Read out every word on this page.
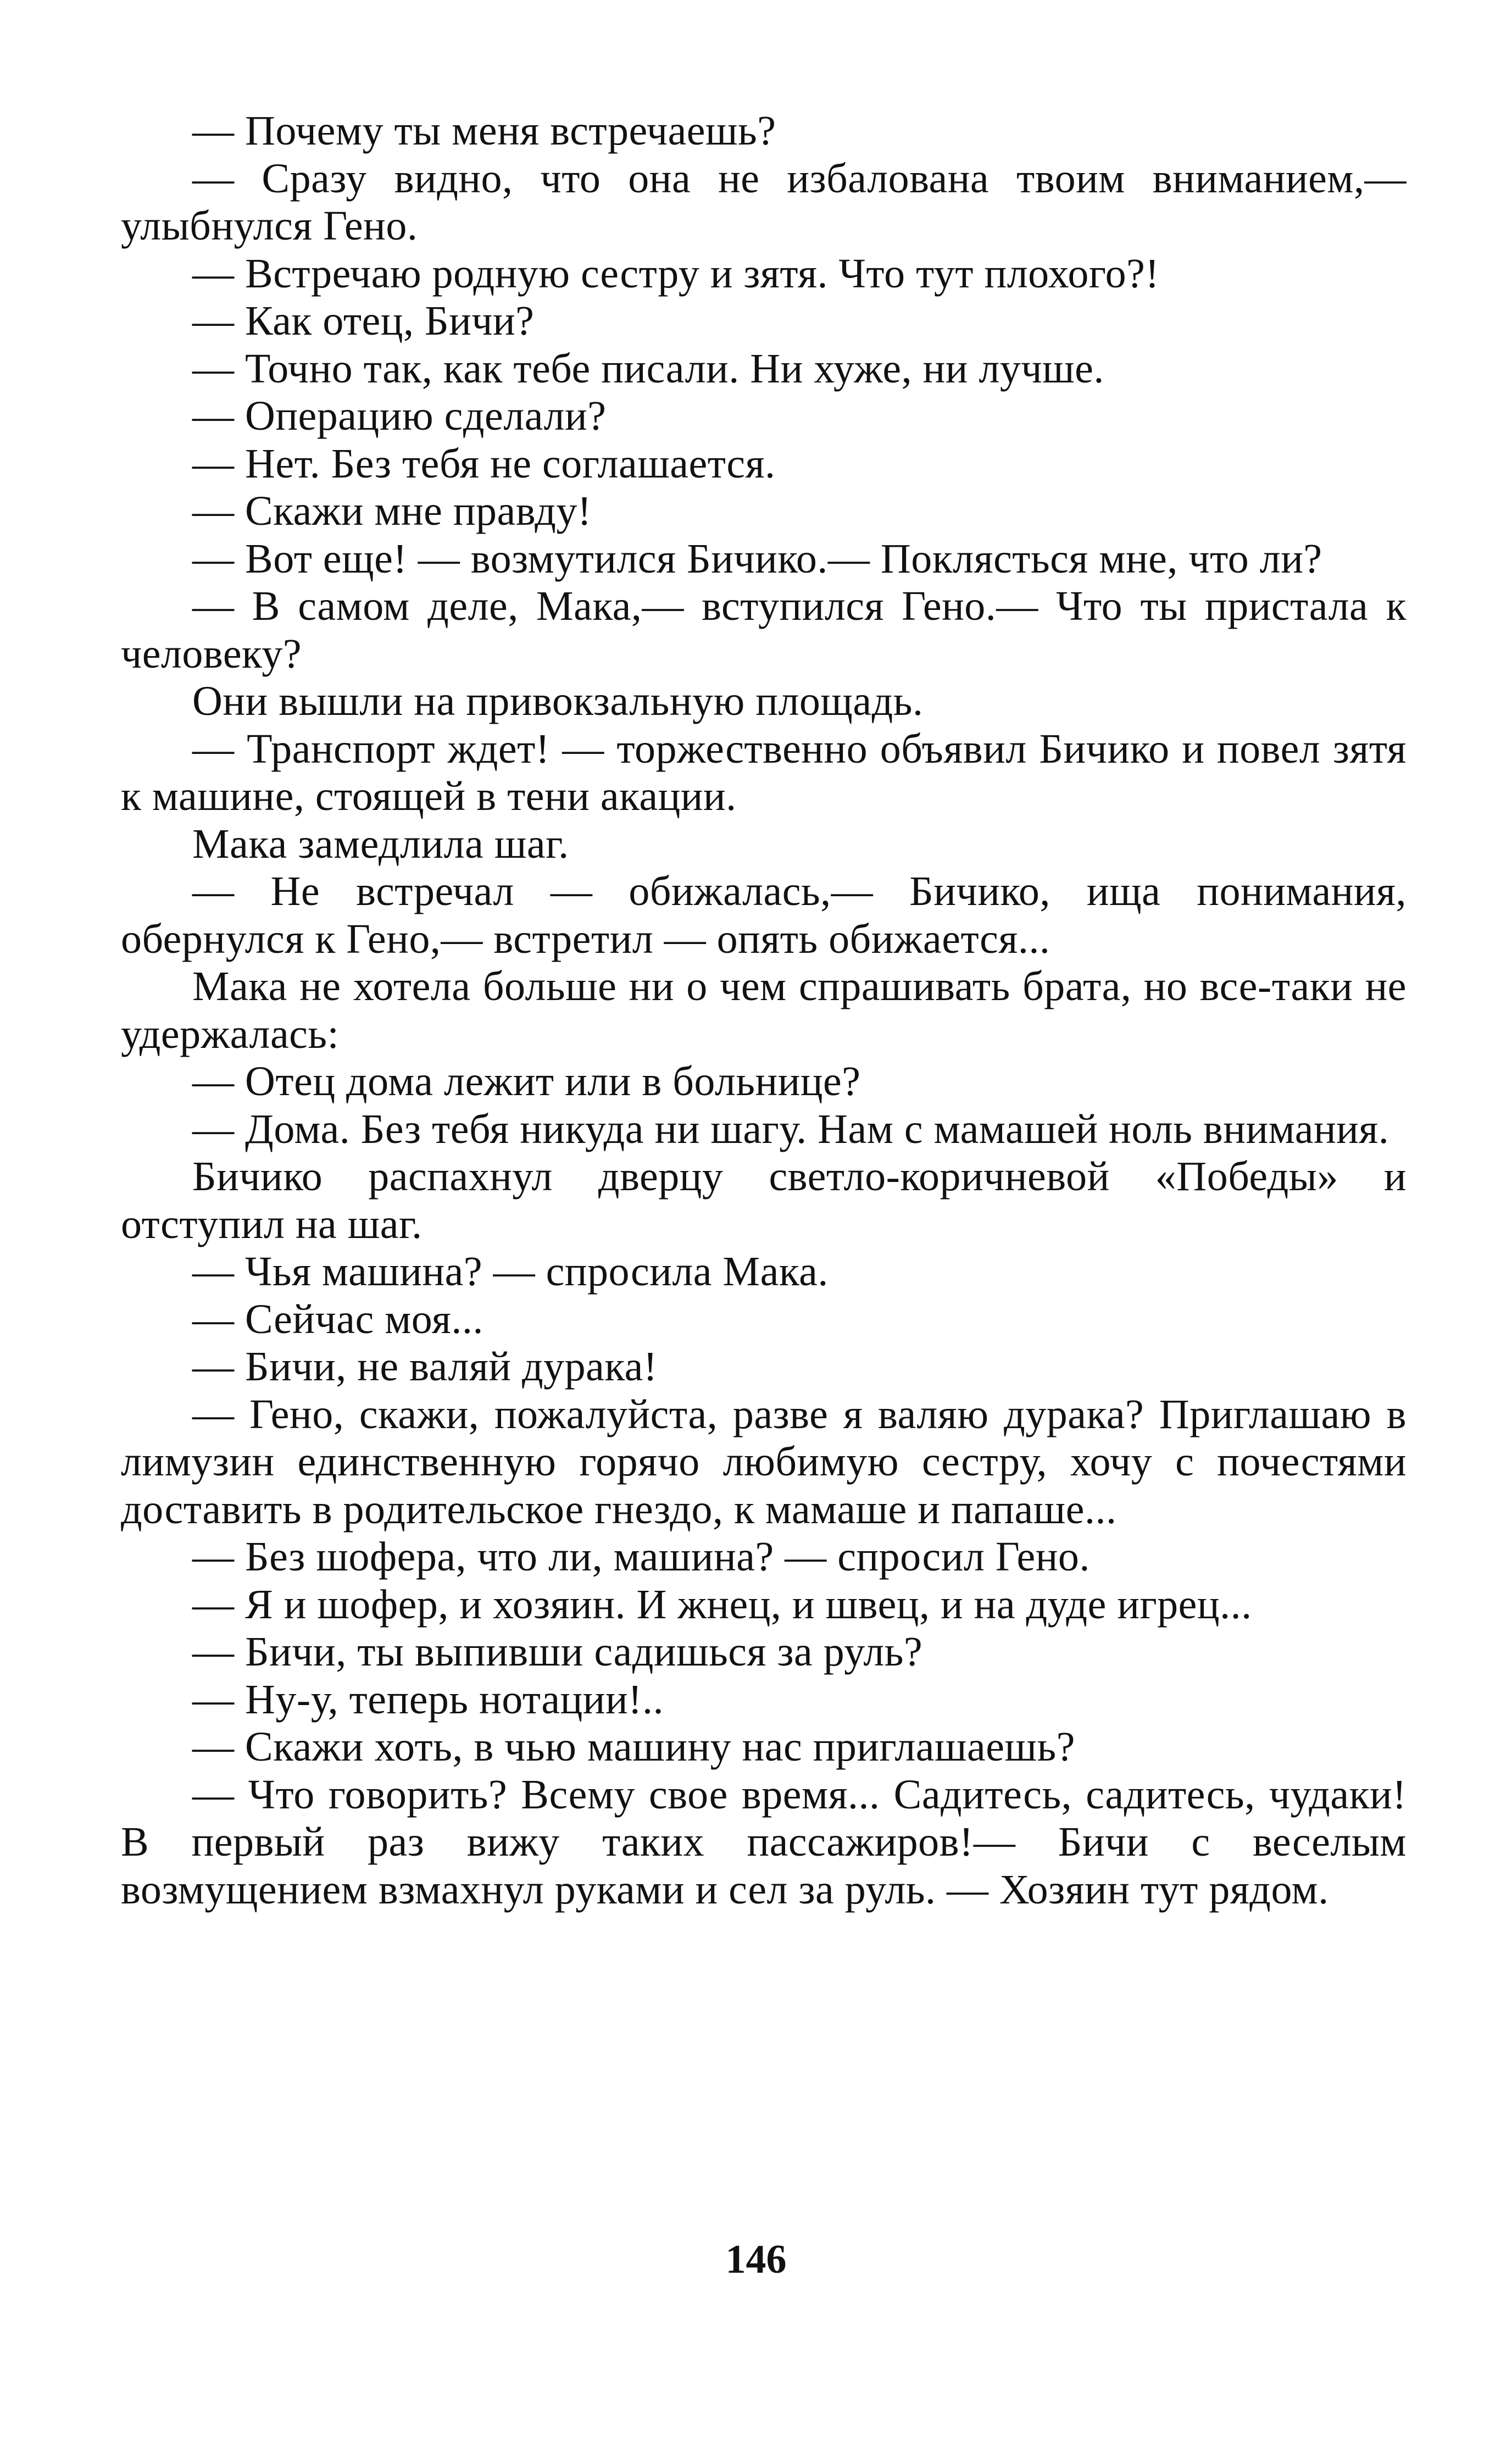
— Почему ты меня встречаешь?

— Сразу видно, что она не избалована твоим вниманием,— улыбнулся Гено.

— Встречаю родную сестру и зятя. Что тут плохого?!

— Как отец, Бичи?

— Точно так, как тебе писали. Ни хуже, ни лучше.

— Операцию сделали?

— Нет. Без тебя не соглашается.

— Скажи мне правду!

— Вот еще! — возмутился Бичико.— Поклясться мне, что ли?

— В самом деле, Мака,— вступился Гено.— Что ты пристала к человеку?

Они вышли на привокзальную площадь.

— Транспорт ждет! — торжественно объявил Бичико и повел зятя к машине, стоящей в тени акации.

Мака замедлила шаг.

— Не встречал — обижалась,— Бичико, ища понимания, обернулся к Гено,— встретил — опять обижается...

Мака не хотела больше ни о чем спрашивать брата, но все-таки не удержалась:

— Отец дома лежит или в больнице?

— Дома. Без тебя никуда ни шагу. Нам с мамашей ноль внимания.

Бичико распахнул дверцу светло-коричневой «Победы» и отступил на шаг.

— Чья машина? — спросила Мака.

— Сейчас моя...

— Бичи, не валяй дурака!

— Гено, скажи, пожалуйста, разве я валяю дурака? Приглашаю в лимузин единственную горячо любимую сестру, хочу с почестями доставить в родительское гнездо, к мамаше и папаше...

— Без шофера, что ли, машина? — спросил Гено.

— Я и шофер, и хозяин. И жнец, и швец, и на дуде игрец...

— Бичи, ты выпивши садишься за руль?

— Ну-у, теперь нотации!..

— Скажи хоть, в чью машину нас приглашаешь?

— Что говорить? Всему свое время... Садитесь, садитесь, чудаки! В первый раз вижу таких пассажиров!— Бичи с веселым возмущением взмахнул руками и сел за руль. — Хозяин тут рядом.

146
